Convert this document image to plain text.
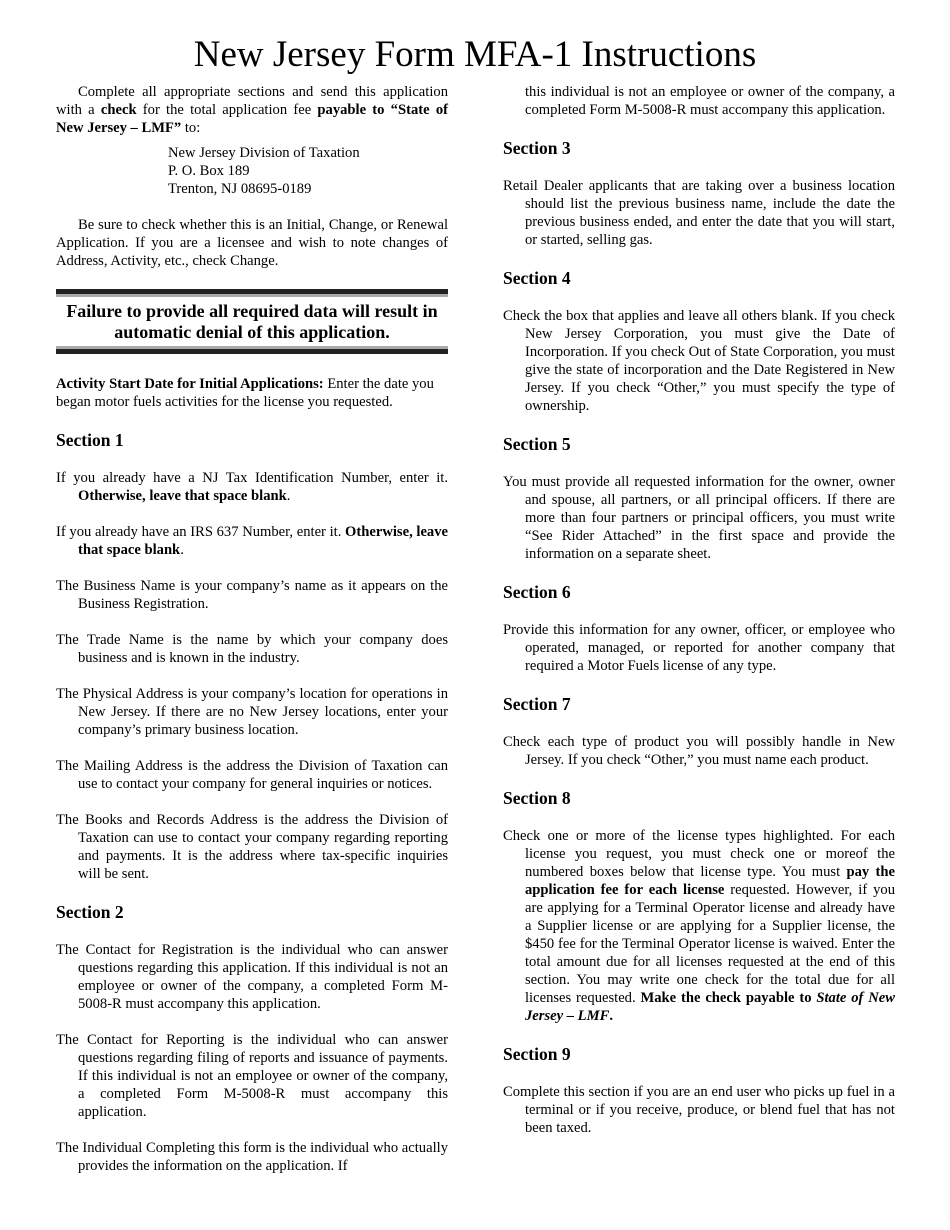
New Jersey Form MFA-1 Instructions

Complete all appropriate sections and send this application with a check for the total application fee payable to “State of New Jersey – LMF” to:

New Jersey Division of Taxation
P. O. Box 189
Trenton, NJ 08695-0189

Be sure to check whether this is an Initial, Change, or Renewal Application. If you are a licensee and wish to note changes of Address, Activity, etc., check Change.

Failure to provide all required data will result in automatic denial of this application.

Activity Start Date for Initial Applications: Enter the date you began motor fuels activities for the license you requested.

Section 1

If you already have a NJ Tax Identification Number, enter it. Otherwise, leave that space blank.

If you already have an IRS 637 Number, enter it. Otherwise, leave that space blank.

The Business Name is your company’s name as it appears on the Business Registration.

The Trade Name is the name by which your company does business and is known in the industry.

The Physical Address is your company’s location for operations in New Jersey. If there are no New Jersey locations, enter your company’s primary business location.

The Mailing Address is the address the Division of Taxation can use to contact your company for general inquiries or notices.

The Books and Records Address is the address the Division of Taxation can use to contact your company regarding reporting and payments. It is the address where tax-specific inquiries will be sent.

Section 2

The Contact for Registration is the individual who can answer questions regarding this application. If this individual is not an employee or owner of the company, a completed Form M-5008-R must accompany this application.

The Contact for Reporting is the individual who can answer questions regarding filing of reports and issuance of payments. If this individual is not an employee or owner of the company, a completed Form M-5008-R must accompany this application.

The Individual Completing this form is the individual who actually provides the information on the application. If

this individual is not an employee or owner of the company, a completed Form M-5008-R must accompany this application.

Section 3

Retail Dealer applicants that are taking over a business location should list the previous business name, include the date the previous business ended, and enter the date that you will start, or started, selling gas.

Section 4

Check the box that applies and leave all others blank. If you check New Jersey Corporation, you must give the Date of Incorporation. If you check Out of State Corporation, you must give the state of incorporation and the Date Registered in New Jersey. If you check “Other,” you must specify the type of ownership.

Section 5

You must provide all requested information for the owner, owner and spouse, all partners, or all principal officers. If there are more than four partners or principal officers, you must write “See Rider Attached” in the first space and provide the information on a separate sheet.

Section 6

Provide this information for any owner, officer, or employee who operated, managed, or reported for another company that required a Motor Fuels license of any type.

Section 7

Check each type of product you will possibly handle in New Jersey. If you check “Other,” you must name each product.

Section 8

Check one or more of the license types highlighted. For each license you request, you must check one or moreof the numbered boxes below that license type. You must pay the application fee for each license requested. However, if you are applying for a Terminal Operator license and already have a Supplier license or are applying for a Supplier license, the $450 fee for the Terminal Operator license is waived. Enter the total amount due for all licenses requested at the end of this section. You may write one check for the total due for all licenses requested. Make the check payable to State of New Jersey – LMF.

Section 9

Complete this section if you are an end user who picks up fuel in a terminal or if you receive, produce, or blend fuel that has not been taxed.
